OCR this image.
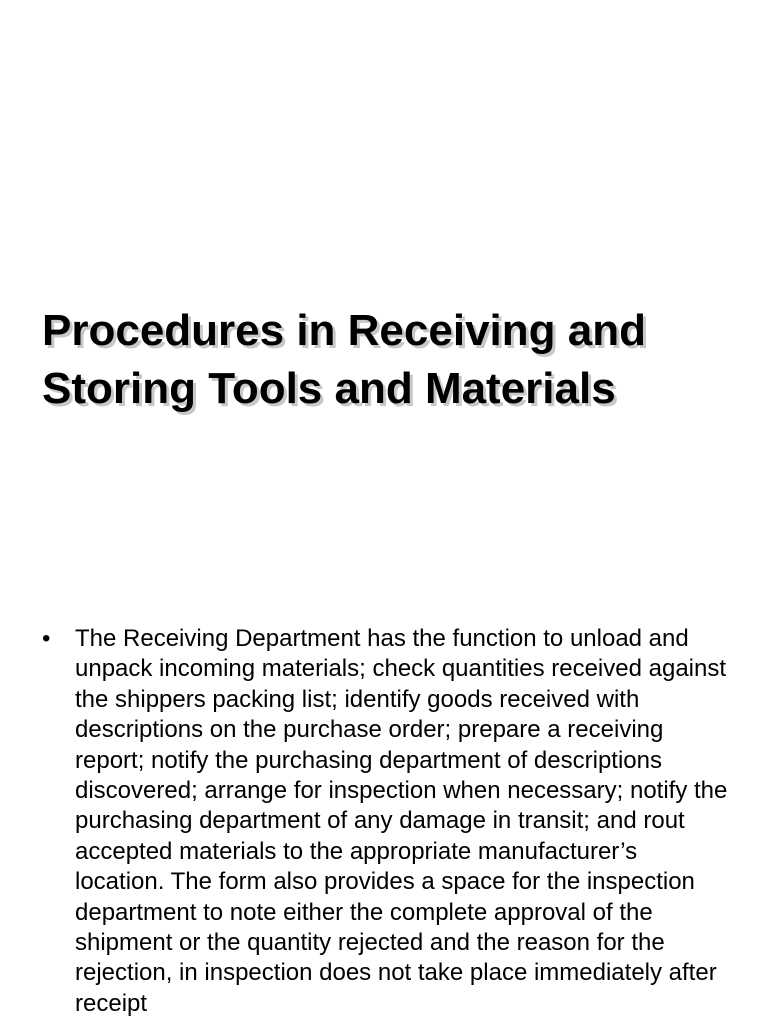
Procedures in Receiving and Storing Tools and Materials
•	The Receiving Department has the function to unload and unpack incoming materials; check quantities received against the shippers packing list; identify goods received with descriptions on the purchase order; prepare a receiving report; notify the purchasing department of descriptions discovered; arrange for inspection when necessary; notify the purchasing department of any damage in transit; and rout accepted materials to the appropriate manufacturer’s location. The form also provides a space for the inspection department to note either the complete approval of the shipment or the quantity rejected and the reason for the rejection, in inspection does not take place immediately after receipt
